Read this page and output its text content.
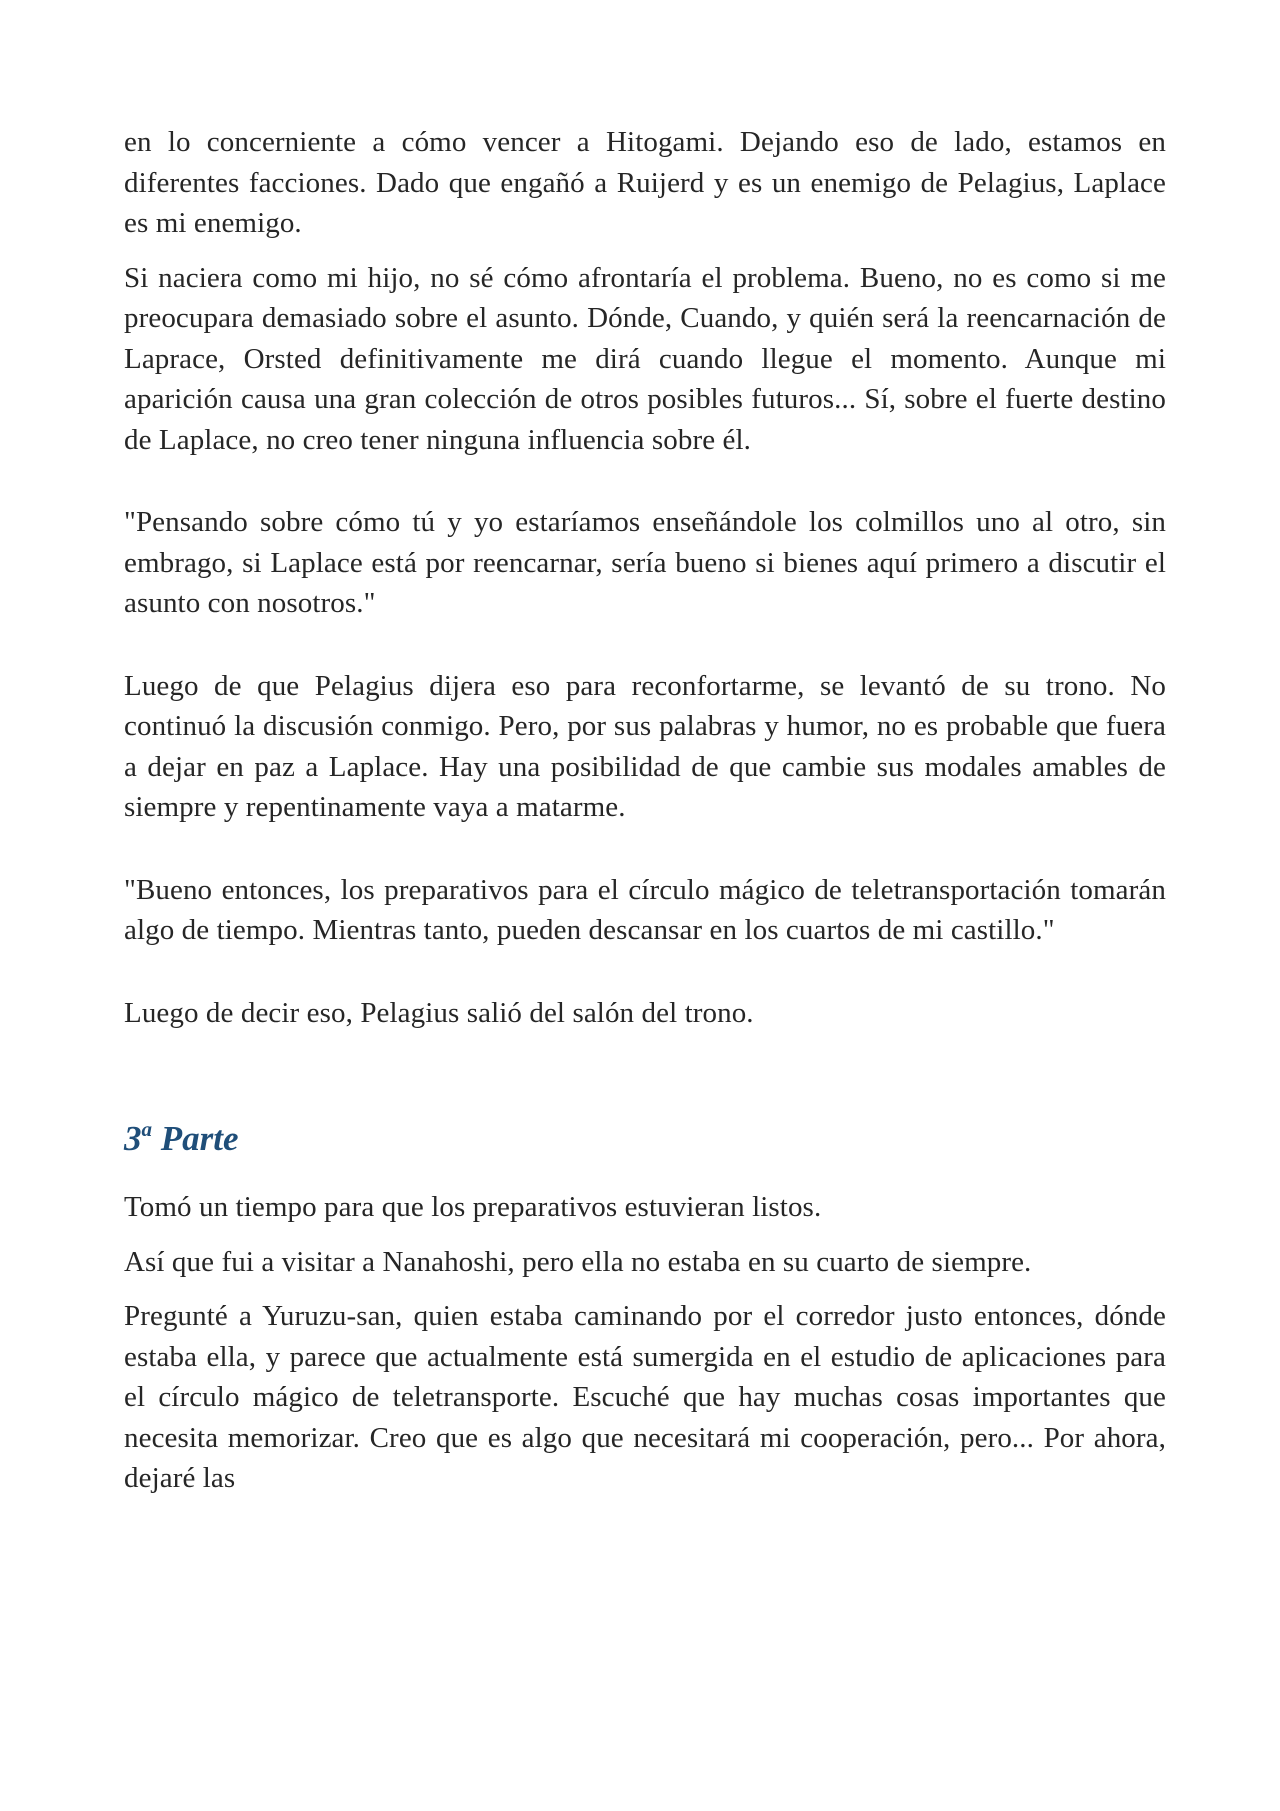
en lo concerniente a cómo vencer a Hitogami. Dejando eso de lado, estamos en diferentes facciones. Dado que engañó a Ruijerd y es un enemigo de Pelagius, Laplace es mi enemigo.

Si naciera como mi hijo, no sé cómo afrontaría el problema. Bueno, no es como si me preocupara demasiado sobre el asunto. Dónde, Cuando, y quién será la reencarnación de Laprace, Orsted definitivamente me dirá cuando llegue el momento. Aunque mi aparición causa una gran colección de otros posibles futuros... Sí, sobre el fuerte destino de Laplace, no creo tener ninguna influencia sobre él.

"Pensando sobre cómo tú y yo estaríamos enseñándole los colmillos uno al otro, sin embrago, si Laplace está por reencarnar, sería bueno si bienes aquí primero a discutir el asunto con nosotros."

Luego de que Pelagius dijera eso para reconfortarme, se levantó de su trono. No continuó la discusión conmigo. Pero, por sus palabras y humor, no es probable que fuera a dejar en paz a Laplace. Hay una posibilidad de que cambie sus modales amables de siempre y repentinamente vaya a matarme.

"Bueno entonces, los preparativos para el círculo mágico de teletransportación tomarán algo de tiempo. Mientras tanto, pueden descansar en los cuartos de mi castillo."

Luego de decir eso, Pelagius salió del salón del trono.

3$^a$ Parte

Tomó un tiempo para que los preparativos estuvieran listos.

Así que fui a visitar a Nanahoshi, pero ella no estaba en su cuarto de siempre.

Pregunté a Yuruzu-san, quien estaba caminando por el corredor justo entonces, dónde estaba ella, y parece que actualmente está sumergida en el estudio de aplicaciones para el círculo mágico de teletransporte. Escuché que hay muchas cosas importantes que necesita memorizar. Creo que es algo que necesitará mi cooperación, pero... Por ahora, dejaré las
